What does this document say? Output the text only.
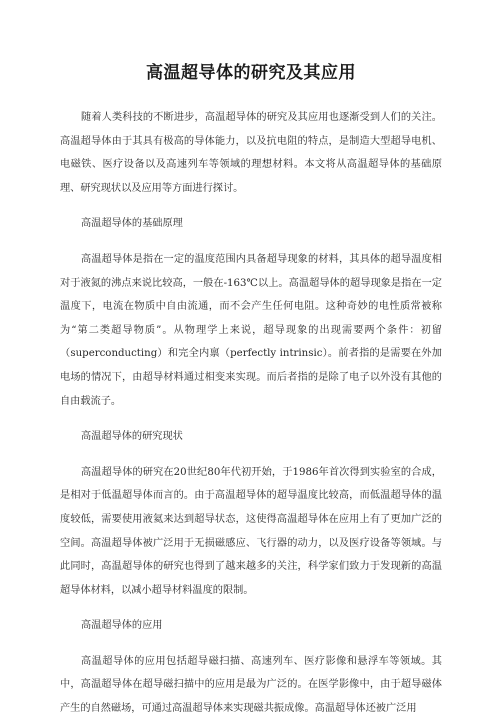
高温超导体的研究及其应用

随着人类科技的不断进步，高温超导体的研究及其应用也逐渐受到人们的关注。高温超导体由于其具有极高的导体能力，以及抗电阻的特点，是制造大型超导电机、电磁铁、医疗设备以及高速列车等领域的理想材料。本文将从高温超导体的基础原理、研究现状以及应用等方面进行探讨。

高温超导体的基础原理

高温超导体是指在一定的温度范围内具备超导现象的材料，其具体的超导温度相对于液氮的沸点来说比较高，一般在-163℃以上。高温超导体的超导现象是指在一定温度下，电流在物质中自由流通，而不会产生任何电阻。这种奇妙的电性质常被称为“第二类超导物质”。从物理学上来说，超导现象的出现需要两个条件：初留（superconducting）和完全内禀（perfectly intrinsic）。前者指的是需要在外加电场的情况下，由超导材料通过相变来实现。而后者指的是除了电子以外没有其他的自由载流子。

高温超导体的研究现状

高温超导体的研究在20世纪80年代初开始，于1986年首次得到实验室的合成，是相对于低温超导体而言的。由于高温超导体的超导温度比较高，而低温超导体的温度较低，需要使用液氦来达到超导状态，这使得高温超导体在应用上有了更加广泛的空间。高温超导体被广泛用于无损磁感应、飞行器的动力，以及医疗设备等领域。与此同时，高温超导体的研究也得到了越来越多的关注，科学家们致力于发现新的高温超导体材料，以减小超导材料温度的限制。

高温超导体的应用

高温超导体的应用包括超导磁扫描、高速列车、医疗影像和悬浮车等领域。其中，高温超导体在超导磁扫描中的应用是最为广泛的。在医学影像中，由于超导磁体产生的自然磁场，可通过高温超导体来实现磁共振成像。高温超导体还被广泛用
